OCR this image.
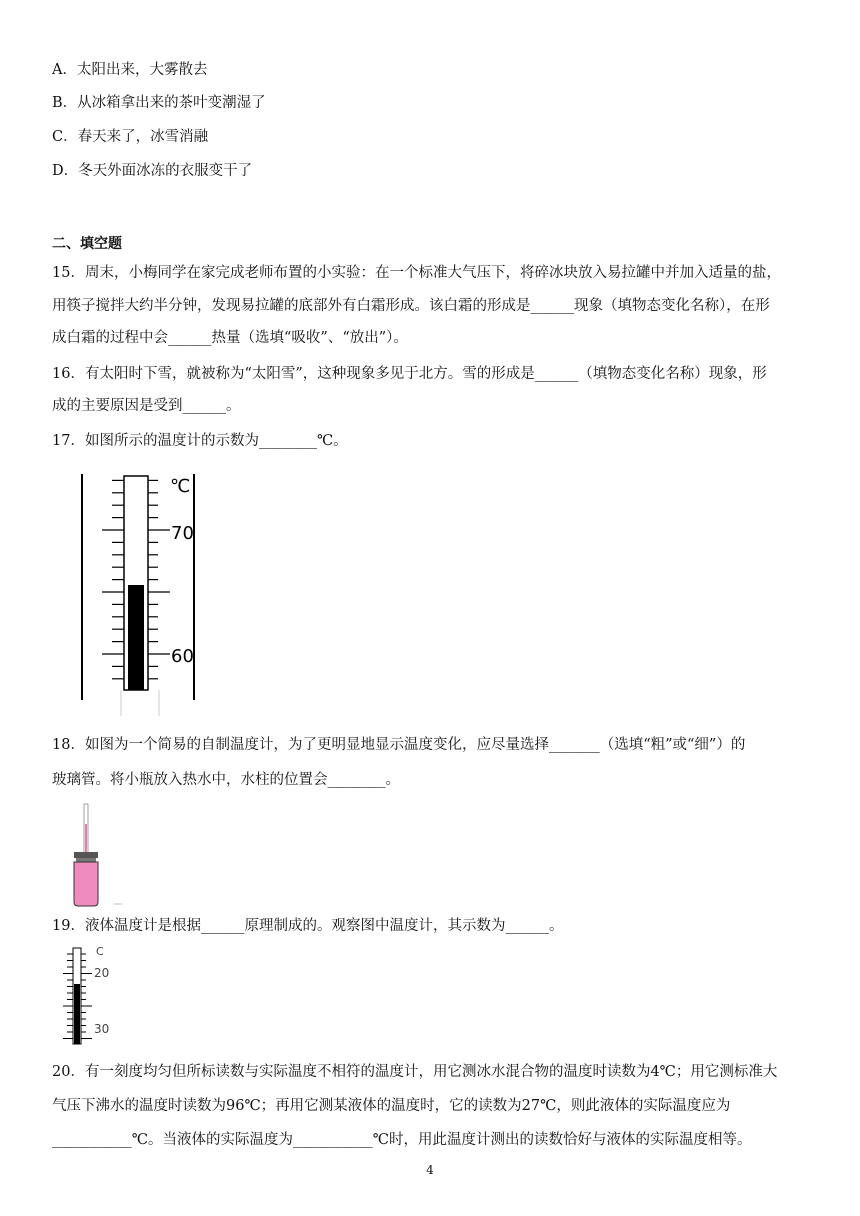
A．太阳出来，大雾散去
B．从冰箱拿出来的茶叶变潮湿了
C．春天来了，冰雪消融
D．冬天外面冰冻的衣服变干了
二、填空题
15．周末，小梅同学在家完成老师布置的小实验：在一个标准大气压下，将碎冰块放入易拉罐中并加入适量的盐，
用筷子搅拌大约半分钟，发现易拉罐的底部外有白霜形成。该白霜的形成是______现象（填物态变化名称），在形
成白霜的过程中会______热量（选填“吸收”、“放出”）。
16．有太阳时下雪，就被称为“太阳雪”，这种现象多见于北方。雪的形成是______（填物态变化名称）现象，形
成的主要原因是受到______。
17．如图所示的温度计的示数为________℃。
℃
70
60
18．如图为一个简易的自制温度计，为了更明显地显示温度变化，应尽量选择_______（选填“粗”或“细”）的
玻璃管。将小瓶放入热水中，水柱的位置会________。
19．液体温度计是根据______原理制成的。观察图中温度计，其示数为______。
C
20
30
20．有一刻度均匀但所标读数与实际温度不相符的温度计，用它测冰水混合物的温度时读数为4℃；用它测标准大
气压下沸水的温度时读数为96℃；再用它测某液体的温度时，它的读数为27℃，则此液体的实际温度应为
___________℃。当液体的实际温度为___________℃时，用此温度计测出的读数恰好与液体的实际温度相等。
4
